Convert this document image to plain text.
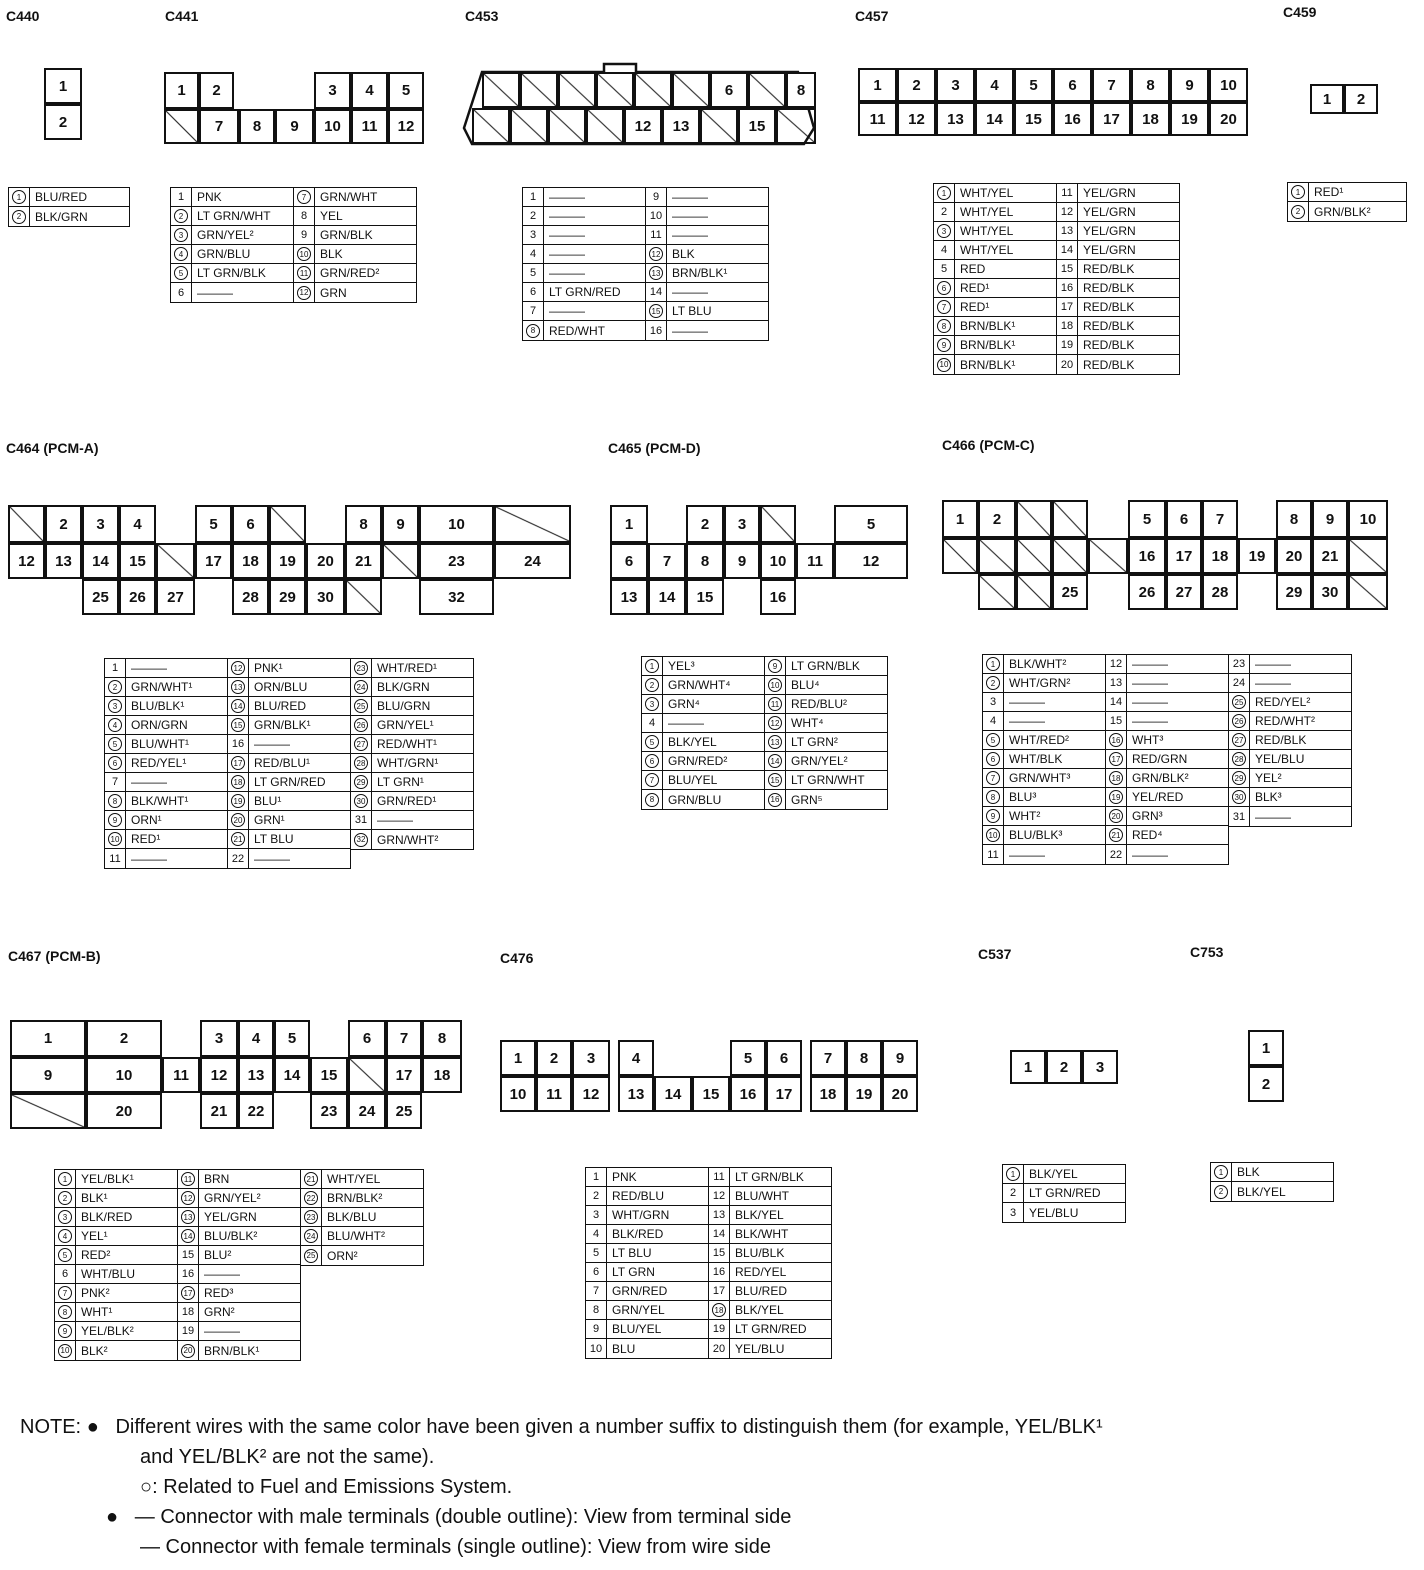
C440	C441	C453	C457	C459
C464 (PCM-A)	C465 (PCM-D)	C466 (PCM-C)
C467 (PCM-B)	C476	C537	C753
1
2
1	2	3	4	5
7	8	9	10	11	12
6	8
12	13	15
1	2	3	4	5	6	7	8	9	10
11	12	13	14	15	16	17	18	19	20
1	2
2	3	4	5	6	8	9	10
12	13	14	15	17	18	19	20	21	23	24
25	26	27	28	29	30	32
1	2	3	5
6	7	8	9	10	11	12
13	14	15	16
1	2	5	6	7	8	9	10
16	17	18	19	20	21
25	26	27	28	29	30
1	2	3	4	5	6	7	8
9	10	11	12	13	14	15	17	18
20	21	22	23	24	25
1	2	3	4	5	6	7	8	9
10	11	12	13	14	15	16	17	18	19	20
1	2	3
1
2
1	BLU/RED
2	BLK/GRN
1	PNK
2	LT GRN/WHT
3	GRN/YEL²
4	GRN/BLU
5	LT GRN/BLK
6	———
7	GRN/WHT
8	YEL
9	GRN/BLK
10 BLK
11 GRN/RED²
12 GRN
1	———
2	———
3	———
4	———
5	———
6	LT GRN/RED
7	———
8	RED/WHT
9	———
10 ———
11 ———
12 BLK
13 BRN/BLK¹
14 ———
15 LT BLU
16 ———
1	WHT/YEL
2	WHT/YEL
3	WHT/YEL
4	WHT/YEL
5	RED
6	RED¹
7	RED¹
8	BRN/BLK¹
9	BRN/BLK¹
10 BRN/BLK¹
11 YEL/GRN
12 YEL/GRN
13 YEL/GRN
14 YEL/GRN
15 RED/BLK
16 RED/BLK
17 RED/BLK
18 RED/BLK
19 RED/BLK
20 RED/BLK
1	RED¹
2	GRN/BLK²
1	———
2	GRN/WHT¹
3	BLU/BLK¹
4	ORN/GRN
5	BLU/WHT¹
6	RED/YEL¹
7	———
8	BLK/WHT¹
9	ORN¹
10 RED¹
11 ———
12 PNK¹
13 ORN/BLU
14 BLU/RED
15 GRN/BLK¹
16 ———
17 RED/BLU¹
18 LT GRN/RED
19 BLU¹
20 GRN¹
21 LT BLU
22 ———
23 WHT/RED¹
24 BLK/GRN
25 BLU/GRN
26 GRN/YEL¹
27 RED/WHT¹
28 WHT/GRN¹
29 LT GRN¹
30 GRN/RED¹
31 ———
32 GRN/WHT²
1	YEL³
2	GRN/WHT⁴
3	GRN⁴
4	———
5	BLK/YEL
6	GRN/RED²
7	BLU/YEL
8	GRN/BLU
9	LT GRN/BLK
10 BLU⁴
11 RED/BLU²
12 WHT⁴
13 LT GRN²
14 GRN/YEL²
15 LT GRN/WHT
16 GRN⁵
1	BLK/WHT²
2	WHT/GRN²
3	———
4	———
5	WHT/RED²
6	WHT/BLK
7	GRN/WHT³
8	BLU³
9	WHT²
10 BLU/BLK³
11 ———
12 ———
13 ———
14 ———
15 ———
16 WHT³
17 RED/GRN
18 GRN/BLK²
19 YEL/RED
20 GRN³
21 RED⁴
22 ———
23 ———
24 ———
25 RED/YEL²
26 RED/WHT²
27 RED/BLK
28 YEL/BLU
29 YEL²
30 BLK³
31 ———
1	YEL/BLK¹
2	BLK¹
3	BLK/RED
4	YEL¹
5	RED²
6	WHT/BLU
7	PNK²
8	WHT¹
9	YEL/BLK²
10 BLK²
11 BRN
12 GRN/YEL²
13 YEL/GRN
14 BLU/BLK²
15 BLU²
16 ———
17 RED³
18 GRN²
19 ———
20 BRN/BLK¹
21 WHT/YEL
22 BRN/BLK²
23 BLK/BLU
24 BLU/WHT²
25 ORN²
1	PNK
2	RED/BLU
3	WHT/GRN
4	BLK/RED
5	LT BLU
6	LT GRN
7	GRN/RED
8	GRN/YEL
9	BLU/YEL
10 BLU
11 LT GRN/BLK
12 BLU/WHT
13 BLK/YEL
14 BLK/WHT
15 BLU/BLK
16 RED/YEL
17 BLU/RED
18 BLK/YEL
19 LT GRN/RED
20 YEL/BLU
1	BLK/YEL
2	LT GRN/RED
3	YEL/BLU
1	BLK
2	BLK/YEL
NOTE: ● Different wires with the same color have been given a number suffix to distinguish them (for example, YEL/BLK¹
and YEL/BLK² are not the same).
○: Related to Fuel and Emissions System.
● — Connector with male terminals (double outline): View from terminal side
— Connector with female terminals (single outline): View from wire side
